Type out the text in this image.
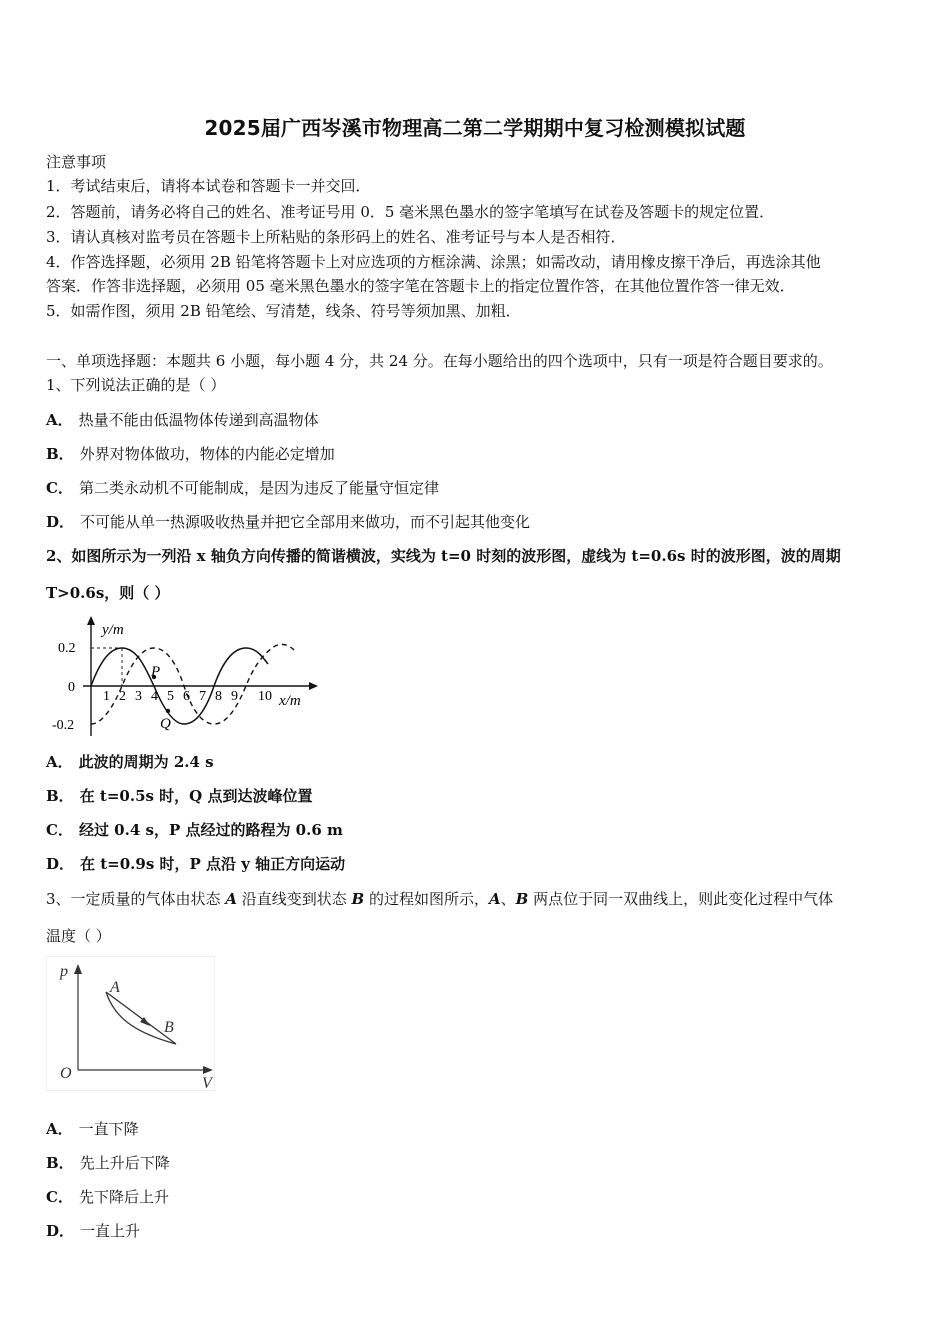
2025届广西岑溪市物理高二第二学期期中复习检测模拟试题
注意事项
1．考试结束后，请将本试卷和答题卡一并交回．
2．答题前，请务必将自己的姓名、准考证号用 0．5 毫米黑色墨水的签字笔填写在试卷及答题卡的规定位置．
3．请认真核对监考员在答题卡上所粘贴的条形码上的姓名、准考证号与本人是否相符．
4．作答选择题，必须用 2B 铅笔将答题卡上对应选项的方框涂满、涂黑；如需改动，请用橡皮擦干净后，再选涂其他
答案．作答非选择题，必须用 05 毫米黑色墨水的签字笔在答题卡上的指定位置作答，在其他位置作答一律无效．
5．如需作图，须用 2B 铅笔绘、写清楚，线条、符号等须加黑、加粗．
一、单项选择题：本题共 6 小题，每小题 4 分，共 24 分。在每小题给出的四个选项中，只有一项是符合题目要求的。
1、下列说法正确的是（ ）
A． 热量不能由低温物体传递到高温物体
B． 外界对物体做功，物体的内能必定增加
C． 第二类永动机不可能制成，是因为违反了能量守恒定律
D． 不可能从单一热源吸收热量并把它全部用来做功，而不引起其他变化
2、如图所示为一列沿 x 轴负方向传播的简谐横波，实线为 t=0 时刻的波形图，虚线为 t=0.6s 时的波形图，波的周期
T>0.6s，则（ ）
0.2
0
-0.2
y/m
x/m
1 2 3 4 5 6 7 8 9 10
P
Q
A． 此波的周期为 2.4 s
B． 在 t=0.5s 时，Q 点到达波峰位置
C． 经过 0.4 s，P 点经过的路程为 0.6 m
D． 在 t=0.9s 时，P 点沿 y 轴正方向运动
3、一定质量的气体由状态 A 沿直线变到状态 B 的过程如图所示，A、B 两点位于同一双曲线上，则此变化过程中气体
温度（ ）
p
V
O
A
B
A． 一直下降
B． 先上升后下降
C． 先下降后上升
D． 一直上升
